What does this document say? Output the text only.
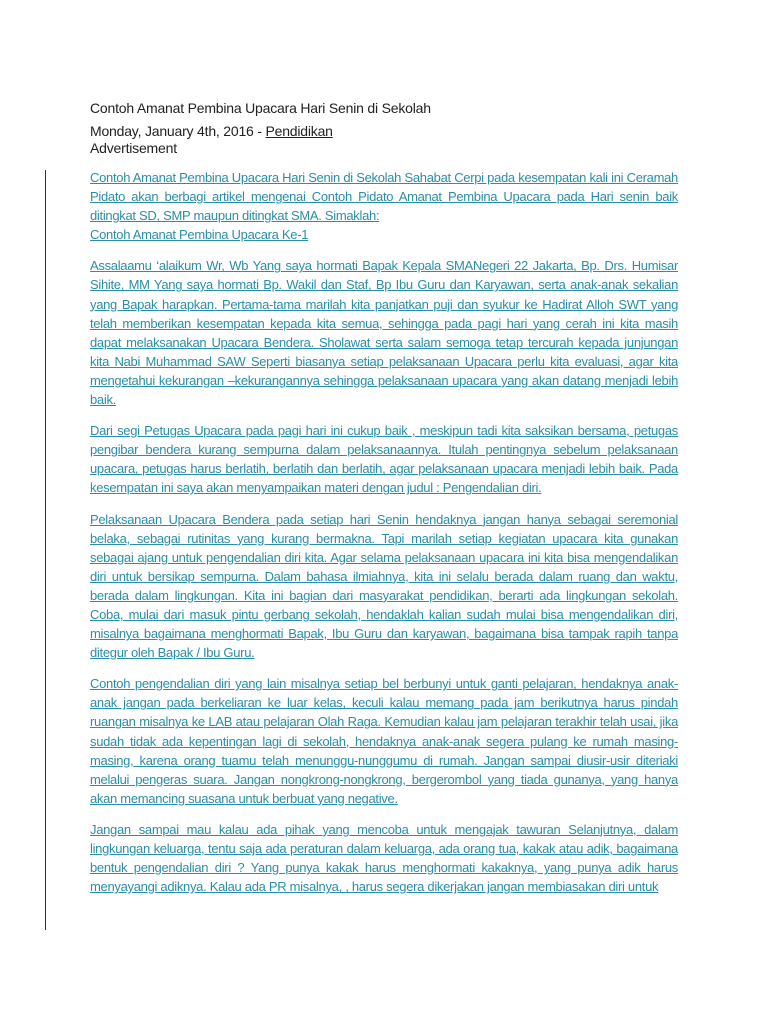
Contoh Amanat Pembina Upacara Hari Senin di Sekolah
Monday, January 4th, 2016 - Pendidikan
Advertisement

Contoh Amanat Pembina Upacara Hari Senin di Sekolah Sahabat Cerpi pada kesempatan kali ini Ceramah Pidato akan berbagi artikel mengenai Contoh Pidato Amanat Pembina Upacara pada Hari senin baik ditingkat SD, SMP maupun ditingkat SMA. Simaklah:

Contoh Amanat Pembina Upacara Ke-1

Assalaamu ‘alaikum Wr, Wb Yang saya hormati Bapak Kepala SMANegeri 22 Jakarta, Bp. Drs. Humisar Sihite, MM Yang saya hormati Bp. Wakil dan Staf, Bp Ibu Guru dan Karyawan, serta anak-anak sekalian yang Bapak harapkan. Pertama-tama marilah kita panjatkan puji dan syukur ke Hadirat Alloh SWT yang telah memberikan kesempatan kepada kita semua, sehingga pada pagi hari yang cerah ini kita masih dapat melaksanakan Upacara Bendera. Sholawat serta salam semoga tetap tercurah kepada junjungan kita Nabi Muhammad SAW Seperti biasanya setiap pelaksanaan Upacara perlu kita evaluasi, agar kita mengetahui kekurangan –kekurangannya sehingga pelaksanaan upacara yang akan datang menjadi lebih baik.

Dari segi Petugas Upacara pada pagi hari ini cukup baik , meskipun tadi kita saksikan bersama, petugas pengibar bendera kurang sempurna dalam pelaksanaannya. Itulah pentingnya sebelum pelaksanaan upacara, petugas harus berlatih, berlatih dan berlatih, agar pelaksanaan upacara menjadi lebih baik. Pada kesempatan ini saya akan menyampaikan materi dengan judul : Pengendalian diri.

Pelaksanaan Upacara Bendera pada setiap hari Senin hendaknya jangan hanya sebagai seremonial belaka, sebagai rutinitas yang kurang bermakna. Tapi marilah setiap kegiatan upacara kita gunakan sebagai ajang untuk pengendalian diri kita. Agar selama pelaksanaan upacara ini kita bisa mengendalikan diri untuk bersikap sempurna. Dalam bahasa ilmiahnya, kita ini selalu berada dalam ruang dan waktu, berada dalam lingkungan. Kita ini bagian dari masyarakat pendidikan, berarti ada lingkungan sekolah. Coba, mulai dari masuk pintu gerbang sekolah, hendaklah kalian sudah mulai bisa mengendalikan diri, misalnya bagaimana menghormati Bapak, Ibu Guru dan karyawan, bagaimana bisa tampak rapih tanpa ditegur oleh Bapak / Ibu Guru.

Contoh pengendalian diri yang lain misalnya setiap bel berbunyi untuk ganti pelajaran, hendaknya anak-anak jangan pada berkeliaran ke luar kelas, keculi kalau memang pada jam berikutnya harus pindah ruangan misalnya ke LAB atau pelajaran Olah Raga. Kemudian kalau jam pelajaran terakhir telah usai, jika sudah tidak ada kepentingan lagi di sekolah, hendaknya anak-anak segera pulang ke rumah masing-masing, karena orang tuamu telah menunggu-nunggumu di rumah. Jangan sampai diusir-usir diteriaki melalui pengeras suara. Jangan nongkrong-nongkrong, bergerombol yang tiada gunanya, yang hanya akan memancing suasana untuk berbuat yang negative.

Jangan sampai mau kalau ada pihak yang mencoba untuk mengajak tawuran Selanjutnya, dalam lingkungan keluarga, tentu saja ada peraturan dalam keluarga, ada orang tua, kakak atau adik, bagaimana bentuk pengendalian diri ? Yang punya kakak harus menghormati kakaknya, yang punya adik harus menyayangi adiknya. Kalau ada PR misalnya, , harus segera dikerjakan jangan membiasakan diri untuk
